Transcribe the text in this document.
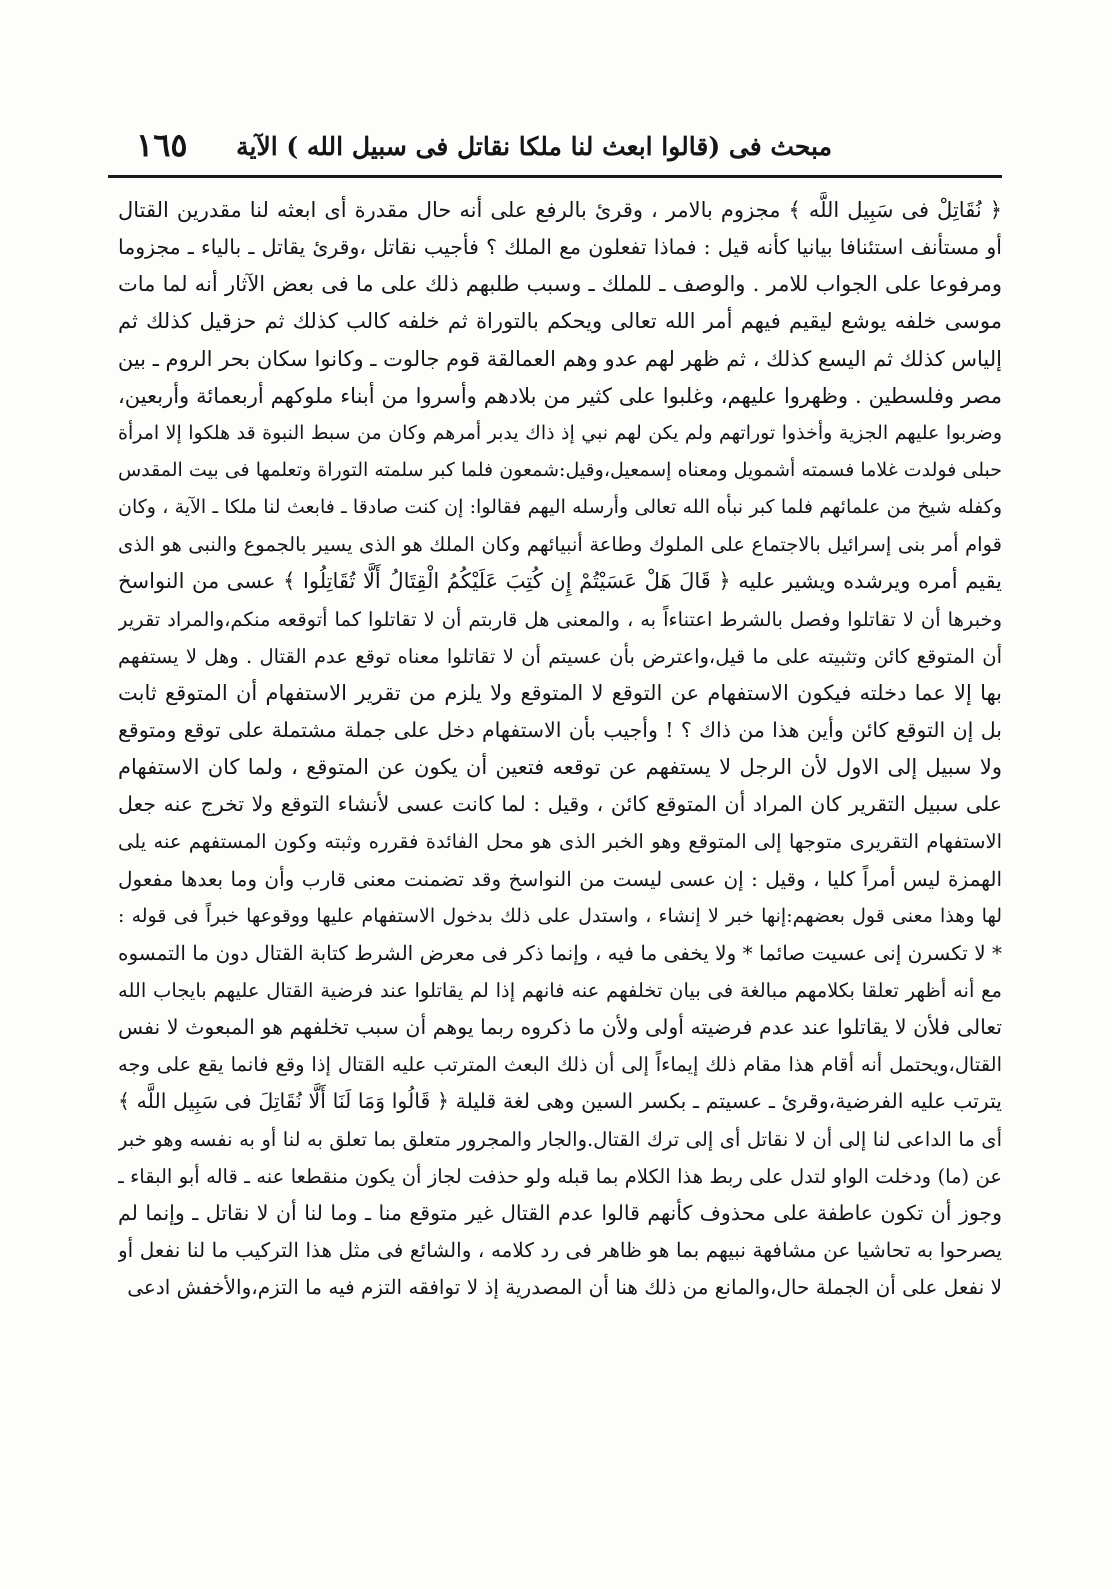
مبحث فى (قالوا ابعث لنا ملكا نقاتل فى سبيل الله ) الآية
١٦٥
﴿ نُقَاتِلْ فى سَبِيل اللَّه ﴾ مجزوم بالامر ، وقرئ بالرفع على أنه حال مقدرة أى ابعثه لنا مقدرين القتال
أو مستأنف استئنافا بيانيا كأنه قيل : فماذا تفعلون مع الملك ؟ فأجيب نقاتل ،وقرئ يقاتل ـ بالياء ـ مجزوما
ومرفوعا على الجواب للامر . والوصف ـ للملك ـ وسبب طلبهم ذلك على ما فى بعض الآثار أنه لما مات
موسى خلفه يوشع ليقيم فيهم أمر الله تعالى ويحكم بالتوراة ثم خلفه كالب كذلك ثم حزقيل كذلك ثم
إلياس كذلك ثم اليسع كذلك ، ثم ظهر لهم عدو وهم العمالقة قوم جالوت ـ وكانوا سكان بحر الروم ـ بين
مصر وفلسطين . وظهروا عليهم، وغلبوا على كثير من بلادهم وأسروا من أبناء ملوكهم أربعمائة وأربعين،
وضربوا عليهم الجزية وأخذوا توراتهم ولم يكن لهم نبي إذ ذاك يدبر أمرهم وكان من سبط النبوة قد هلكوا إلا امرأة
حبلى فولدت غلاما فسمته أشمويل ومعناه إسمعيل،وقيل:شمعون فلما كبر سلمته التوراة وتعلمها فى بيت المقدس
وكفله شيخ من علمائهم فلما كبر نبأه الله تعالى وأرسله اليهم فقالوا: إن كنت صادقا ـ فابعث لنا ملكا ـ الآية ، وكان
قوام أمر بنى إسرائيل بالاجتماع على الملوك وطاعة أنبيائهم وكان الملك هو الذى يسير بالجموع والنبى هو الذى
يقيم أمره ويرشده ويشير عليه ﴿ قَالَ هَلْ عَسَيْتُمْ إِن كُتِبَ عَلَيْكُمُ الْقِتَالُ أَلَّا تُقَاتِلُوا ﴾ عسى من النواسخ
وخبرها أن لا تقاتلوا وفصل بالشرط اعتناءاً به ، والمعنى هل قاربتم أن لا تقاتلوا كما أتوقعه منكم،والمراد تقرير
أن المتوقع كائن وتثبيته على ما قيل،واعترض بأن عسيتم أن لا تقاتلوا معناه توقع عدم القتال . وهل لا يستفهم
بها إلا عما دخلته فيكون الاستفهام عن التوقع لا المتوقع ولا يلزم من تقرير الاستفهام أن المتوقع ثابت
بل إن التوقع كائن وأين هذا من ذاك ؟ ! وأجيب بأن الاستفهام دخل على جملة مشتملة على توقع ومتوقع
ولا سبيل إلى الاول لأن الرجل لا يستفهم عن توقعه فتعين أن يكون عن المتوقع ، ولما كان الاستفهام
على سبيل التقرير كان المراد أن المتوقع كائن ، وقيل : لما كانت عسى لأنشاء التوقع ولا تخرج عنه جعل
الاستفهام التقريرى متوجها إلى المتوقع وهو الخبر الذى هو محل الفائدة فقرره وثبته وكون المستفهم عنه يلى
الهمزة ليس أمراً كليا ، وقيل : إن عسى ليست من النواسخ وقد تضمنت معنى قارب وأن وما بعدها مفعول
لها وهذا معنى قول بعضهم:إنها خبر لا إنشاء ، واستدل على ذلك بدخول الاستفهام عليها ووقوعها خبراً فى قوله :
* لا تكسرن إنى عسيت صائما * ولا يخفى ما فيه ، وإنما ذكر فى معرض الشرط كتابة القتال دون ما التمسوه
مع أنه أظهر تعلقا بكلامهم مبالغة فى بيان تخلفهم عنه فانهم إذا لم يقاتلوا عند فرضية القتال عليهم بايجاب الله
تعالى فلأن لا يقاتلوا عند عدم فرضيته أولى ولأن ما ذكروه ربما يوهم أن سبب تخلفهم هو المبعوث لا نفس
القتال،ويحتمل أنه أقام هذا مقام ذلك إيماءاً إلى أن ذلك البعث المترتب عليه القتال إذا وقع فانما يقع على وجه
يترتب عليه الفرضية،وقرئ ـ عسيتم ـ بكسر السين وهى لغة قليلة ﴿ قَالُوا وَمَا لَنَا أَلَّا نُقَاتِلَ فى سَبِيل اللَّه ﴾
أى ما الداعى لنا إلى أن لا نقاتل أى إلى ترك القتال.والجار والمجرور متعلق بما تعلق به لنا أو به نفسه وهو خبر
عن (ما) ودخلت الواو لتدل على ربط هذا الكلام بما قبله ولو حذفت لجاز أن يكون منقطعا عنه ـ قاله أبو البقاء ـ
وجوز أن تكون عاطفة على محذوف كأنهم قالوا عدم القتال غير متوقع منا ـ وما لنا أن لا نقاتل ـ وإنما لم
يصرحوا به تحاشيا عن مشافهة نبيهم بما هو ظاهر فى رد كلامه ، والشائع فى مثل هذا التركيب ما لنا نفعل أو
لا نفعل على أن الجملة حال،والمانع من ذلك هنا أن المصدرية إذ لا توافقه التزم فيه ما التزم،والأخفش ادعى
